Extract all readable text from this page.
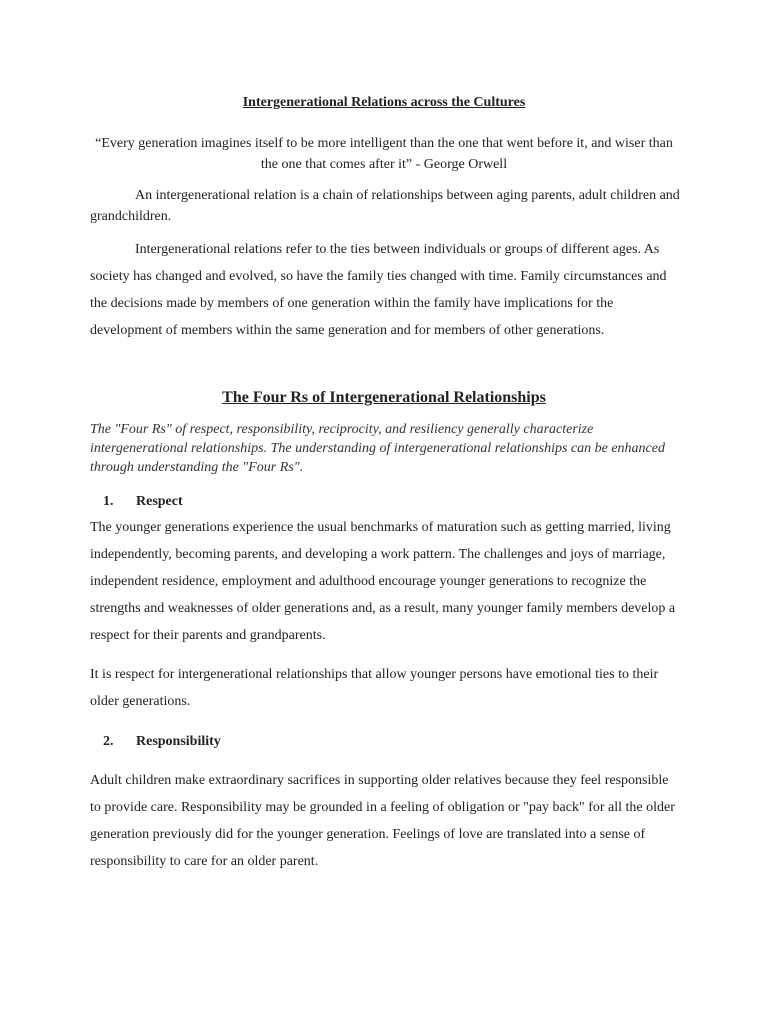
Intergenerational Relations across the Cultures

“Every generation imagines itself to be more intelligent than the one that went before it, and wiser than the one that comes after it” - George Orwell

An intergenerational relation is a chain of relationships between aging parents, adult children and grandchildren.

Intergenerational relations refer to the ties between individuals or groups of different ages. As society has changed and evolved, so have the family ties changed with time. Family circumstances and the decisions made by members of one generation within the family have implications for the development of members within the same generation and for members of other generations.

The Four Rs of Intergenerational Relationships

The "Four Rs" of respect, responsibility, reciprocity, and resiliency generally characterize intergenerational relationships. The understanding of intergenerational relationships can be enhanced through understanding the "Four Rs".

1. Respect

The younger generations experience the usual benchmarks of maturation such as getting married, living independently, becoming parents, and developing a work pattern. The challenges and joys of marriage, independent residence, employment and adulthood encourage younger generations to recognize the strengths and weaknesses of older generations and, as a result, many younger family members develop a respect for their parents and grandparents.

It is respect for intergenerational relationships that allow younger persons have emotional ties to their older generations.

2. Responsibility

Adult children make extraordinary sacrifices in supporting older relatives because they feel responsible to provide care. Responsibility may be grounded in a feeling of obligation or "pay back" for all the older generation previously did for the younger generation. Feelings of love are translated into a sense of responsibility to care for an older parent.
